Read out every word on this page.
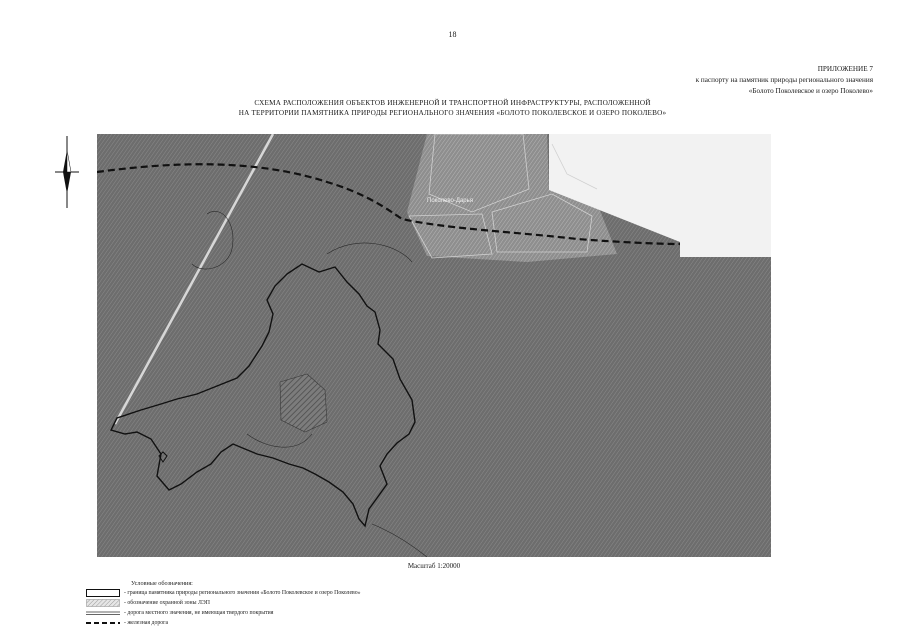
18
ПРИЛОЖЕНИЕ 7
к паспорту на памятник природы регионального значения
«Болото Поколевское и озеро Поколево»
СХЕМА РАСПОЛОЖЕНИЯ ОБЪЕКТОВ ИНЖЕНЕРНОЙ И ТРАНСПОРТНОЙ ИНФРАСТРУКТУРЫ, РАСПОЛОЖЕННОЙ
НА ТЕРРИТОРИИ ПАМЯТНИКА ПРИРОДЫ РЕГИОНАЛЬНОГО ЗНАЧЕНИЯ «БОЛОТО ПОКОЛЕВСКОЕ И ОЗЕРО ПОКОЛЕВО»
Поколево-Дарья
Масштаб 1:20000
Условные обозначения:
- граница памятника природы регионального значения «Болото Поколевское и озеро Поколево»
- обозначение охранной зоны ЛЭП
- дорога местного значения, не имеющая твердого покрытия
- железная дорога
